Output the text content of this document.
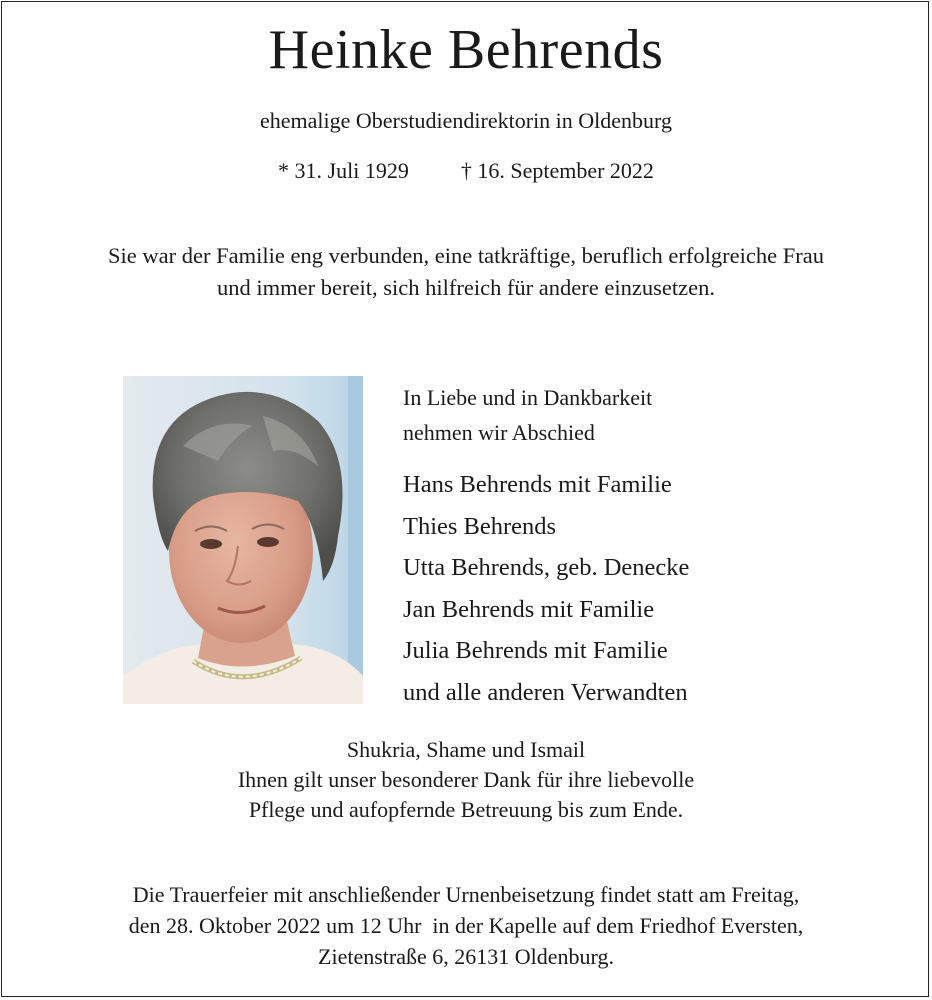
Heinke Behrends

ehemalige Oberstudiendirektorin in Oldenburg

* 31. Juli 1929 † 16. September 2022

Sie war der Familie eng verbunden, eine tatkräftige, beruflich erfolgreiche Frau
und immer bereit, sich hilfreich für andere einzusetzen.
In Liebe und in Dankbarkeit
nehmen wir Abschied
Hans Behrends mit Familie
Thies Behrends
Utta Behrends, geb. Denecke
Jan Behrends mit Familie
Julia Behrends mit Familie
und alle anderen Verwandten
Shukria, Shame und Ismail
Ihnen gilt unser besonderer Dank für ihre liebevolle
Pflege und aufopfernde Betreuung bis zum Ende.
Die Trauerfeier mit anschließender Urnenbeisetzung findet statt am Freitag,
den 28. Oktober 2022 um 12 Uhr  in der Kapelle auf dem Friedhof Eversten,
Zietenstraße 6, 26131 Oldenburg.
